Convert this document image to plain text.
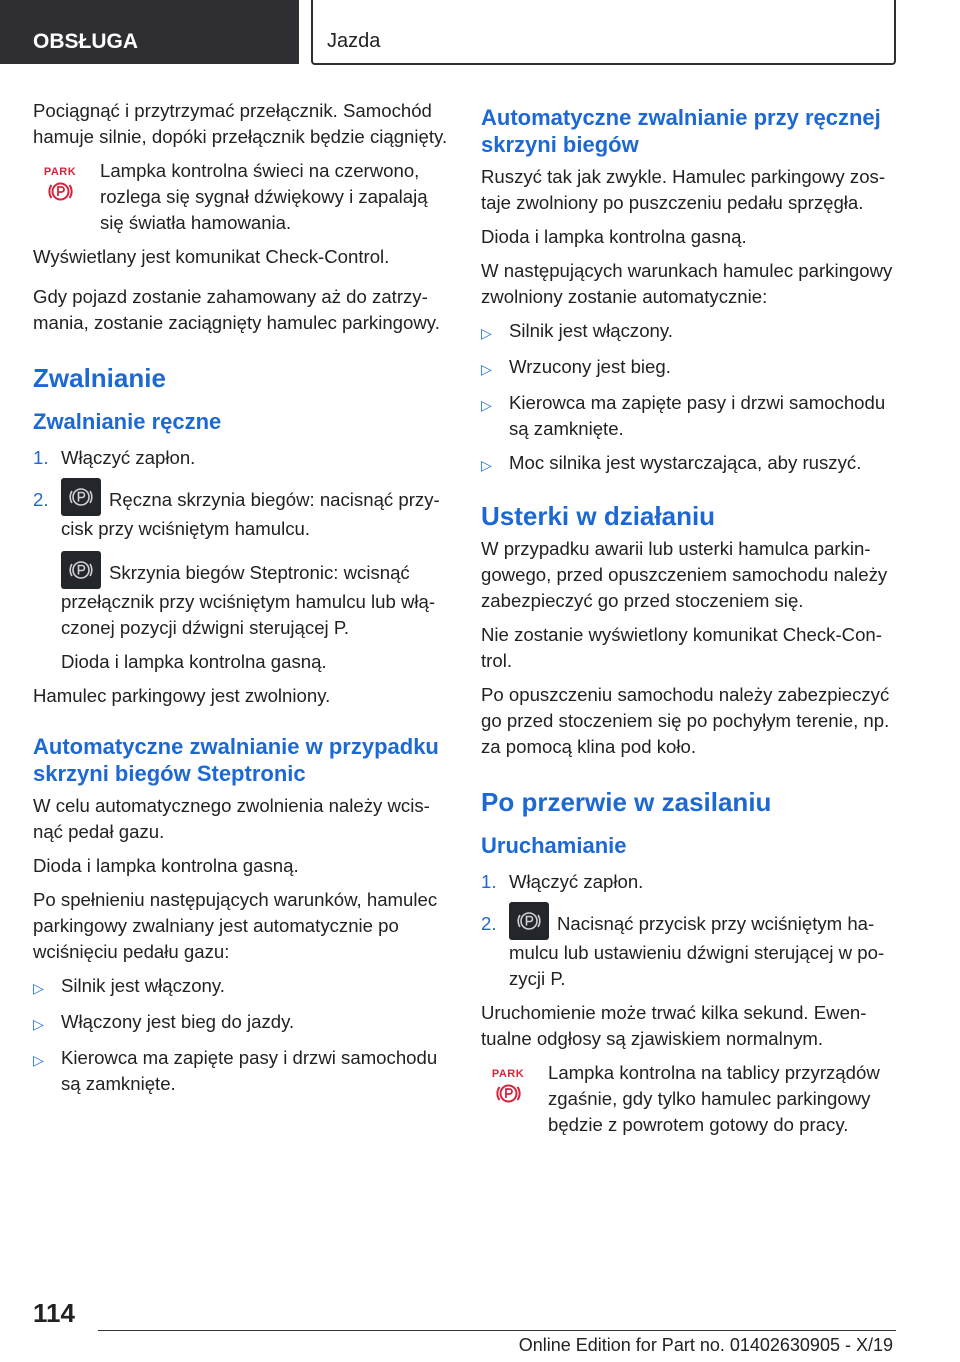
OBSŁUGA	Jazda
Pociągnąć i przytrzymać przełącznik. Samochód hamuje silnie, dopóki przełącznik będzie ciągnięty.
PARK Lampka kontrolna świeci na czerwono, rozlega się sygnał dźwiękowy i zapalają się światła hamowania.
Wyświetlany jest komunikat Check-Control.
Gdy pojazd zostanie zahamowany aż do zatrzymania, zostanie zaciągnięty hamulec parkingowy.
Zwalnianie
Zwalnianie ręczne
1. Włączyć zapłon.
2.	Ręczna skrzynia biegów: nacisnąć przycisk przy wciśniętym hamulcu.
Skrzynia biegów Steptronic: wcisnąć przełącznik przy wciśniętym hamulcu lub włączonej pozycji dźwigni sterującej P.
Dioda i lampka kontrolna gasną.
Hamulec parkingowy jest zwolniony.
Automatyczne zwalnianie w przypadku skrzyni biegów Steptronic
W celu automatycznego zwolnienia należy wcisnąć pedał gazu.
Dioda i lampka kontrolna gasną.
Po spełnieniu następujących warunków, hamulec parkingowy zwalniany jest automatycznie po wciśnięciu pedału gazu:
▷ Silnik jest włączony.
▷ Włączony jest bieg do jazdy.
▷ Kierowca ma zapięte pasy i drzwi samochodu są zamknięte.
Automatyczne zwalnianie przy ręcznej skrzyni biegów
Ruszyć tak jak zwykle. Hamulec parkingowy zostaje zwolniony po puszczeniu pedału sprzęgła.
Dioda i lampka kontrolna gasną.
W następujących warunkach hamulec parkingowy zwolniony zostanie automatycznie:
▷ Silnik jest włączony.
▷ Wrzucony jest bieg.
▷ Kierowca ma zapięte pasy i drzwi samochodu są zamknięte.
▷ Moc silnika jest wystarczająca, aby ruszyć.
Usterki w działaniu
W przypadku awarii lub usterki hamulca parkingowego, przed opuszczeniem samochodu należy zabezpieczyć go przed stoczeniem się.
Nie zostanie wyświetlony komunikat Check-Control.
Po opuszczeniu samochodu należy zabezpieczyć go przed stoczeniem się po pochyłym terenie, np. za pomocą klina pod koło.
Po przerwie w zasilaniu
Uruchamianie
1. Włączyć zapłon.
2.	Nacisnąć przycisk przy wciśniętym hamulcu lub ustawieniu dźwigni sterującej w pozycji P.
Uruchomienie może trwać kilka sekund. Ewentualne odgłosy są zjawiskiem normalnym.
PARK Lampka kontrolna na tablicy przyrządów zgaśnie, gdy tylko hamulec parkingowy będzie z powrotem gotowy do pracy.
114
Online Edition for Part no. 01402630905 - X/19
